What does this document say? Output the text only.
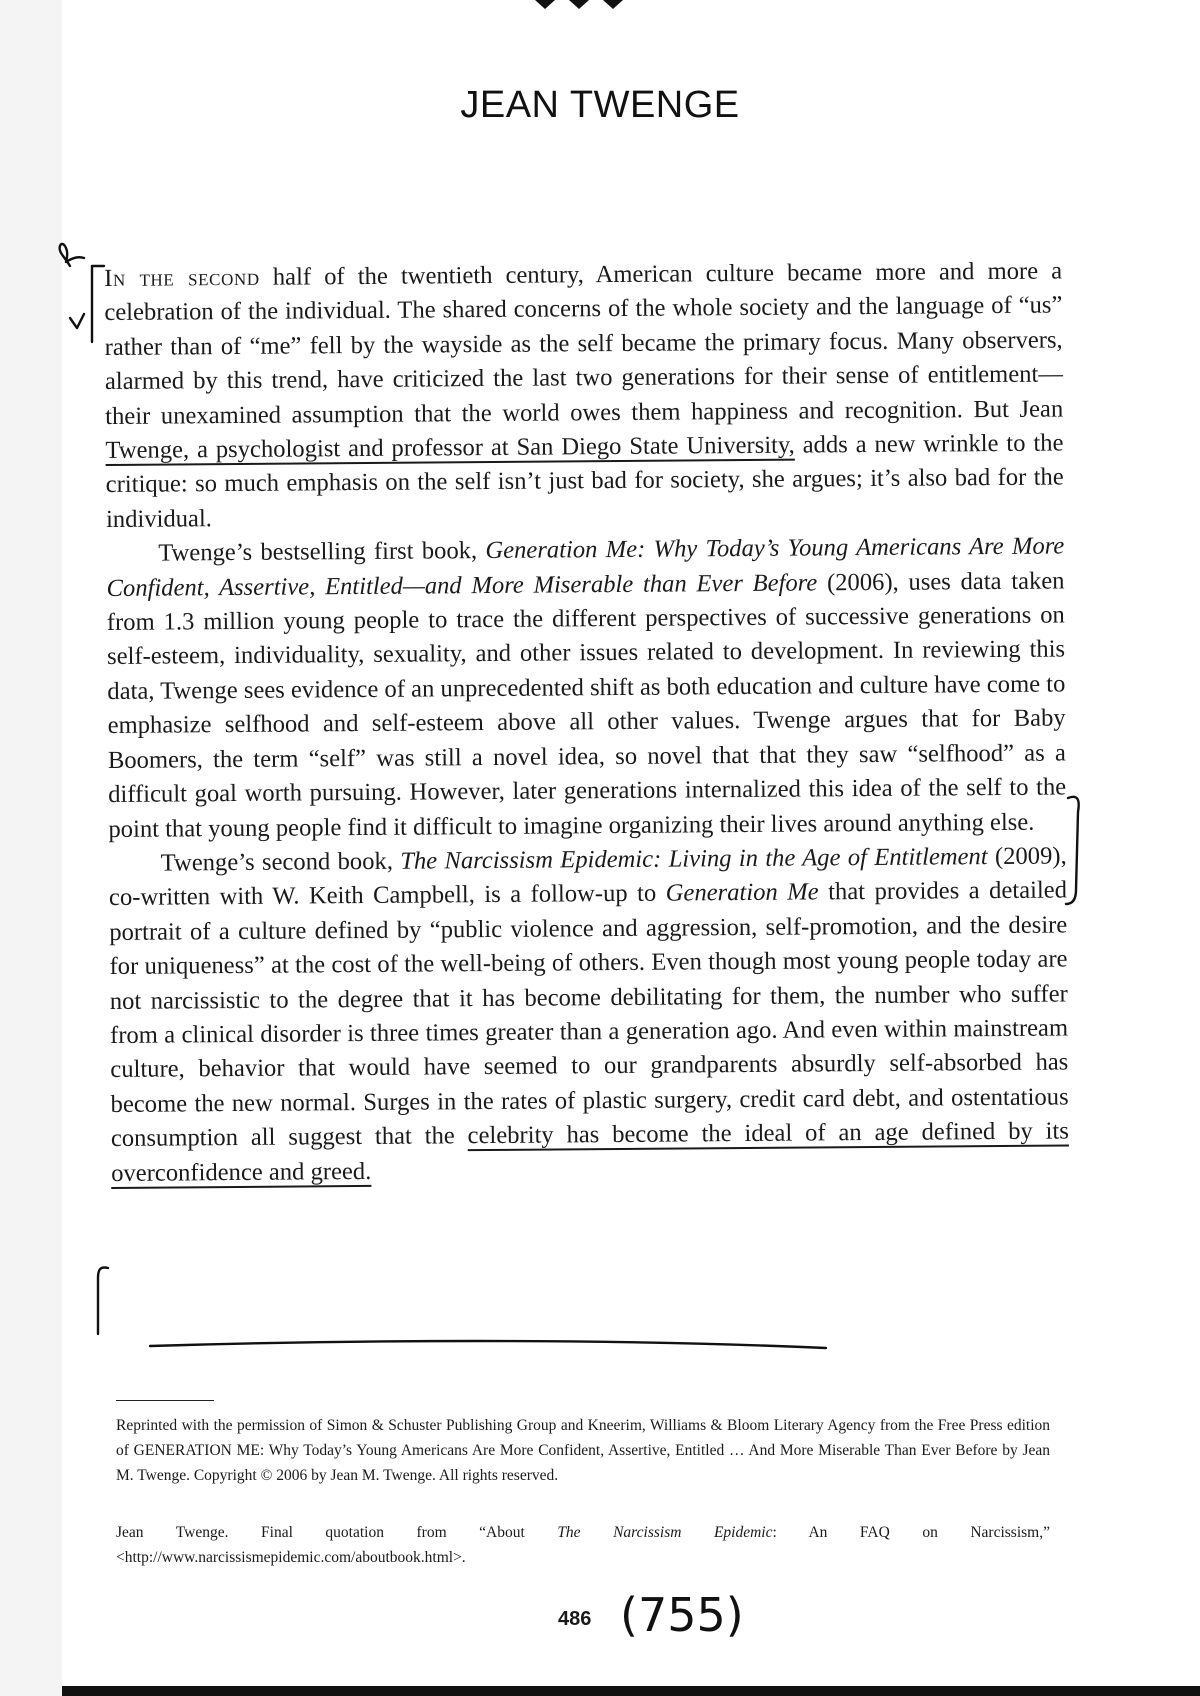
JEAN TWENGE

In the second half of the twentieth century, American culture became more and more a celebration of the individual. The shared concerns of the whole society and the language of “us” rather than of “me” fell by the wayside as the self became the primary focus. Many observers, alarmed by this trend, have criticized the last two generations for their sense of entitlement—their unexamined assumption that the world owes them happiness and recognition. But Jean Twenge, a psychologist and professor at San Diego State University, adds a new wrinkle to the critique: so much emphasis on the self isn’t just bad for society, she argues; it’s also bad for the individual.

Twenge’s bestselling first book, Generation Me: Why Today’s Young Americans Are More Confident, Assertive, Entitled—and More Miserable than Ever Before (2006), uses data taken from 1.3 million young people to trace the different perspectives of successive generations on self-esteem, individuality, sexuality, and other issues related to development. In reviewing this data, Twenge sees evidence of an unprecedented shift as both education and culture have come to emphasize selfhood and self-esteem above all other values. Twenge argues that for Baby Boomers, the term “self” was still a novel idea, so novel that that they saw “selfhood” as a difficult goal worth pursuing. However, later generations internalized this idea of the self to the point that young people find it difficult to imagine organizing their lives around anything else.

Twenge’s second book, The Narcissism Epidemic: Living in the Age of Entitlement (2009), co-written with W. Keith Campbell, is a follow-up to Generation Me that provides a detailed portrait of a culture defined by “public violence and aggression, self-promotion, and the desire for uniqueness” at the cost of the well-being of others. Even though most young people today are not narcissistic to the degree that it has become debilitating for them, the number who suffer from a clinical disorder is three times greater than a generation ago. And even within mainstream culture, behavior that would have seemed to our grandparents absurdly self-absorbed has become the new normal. Surges in the rates of plastic surgery, credit card debt, and ostentatious consumption all suggest that the celebrity has become the ideal of an age defined by its overconfidence and greed.

Reprinted with the permission of Simon & Schuster Publishing Group and Kneerim, Williams & Bloom Literary Agency from the Free Press edition of GENERATION ME: Why Today’s Young Americans Are More Confident, Assertive, Entitled … And More Miserable Than Ever Before by Jean M. Twenge. Copyright © 2006 by Jean M. Twenge. All rights reserved.

Jean Twenge. Final quotation from “About The Narcissism Epidemic: An FAQ on Narcissism,” <http://www.narcissismepidemic.com/aboutbook.html>.

486 (755)
